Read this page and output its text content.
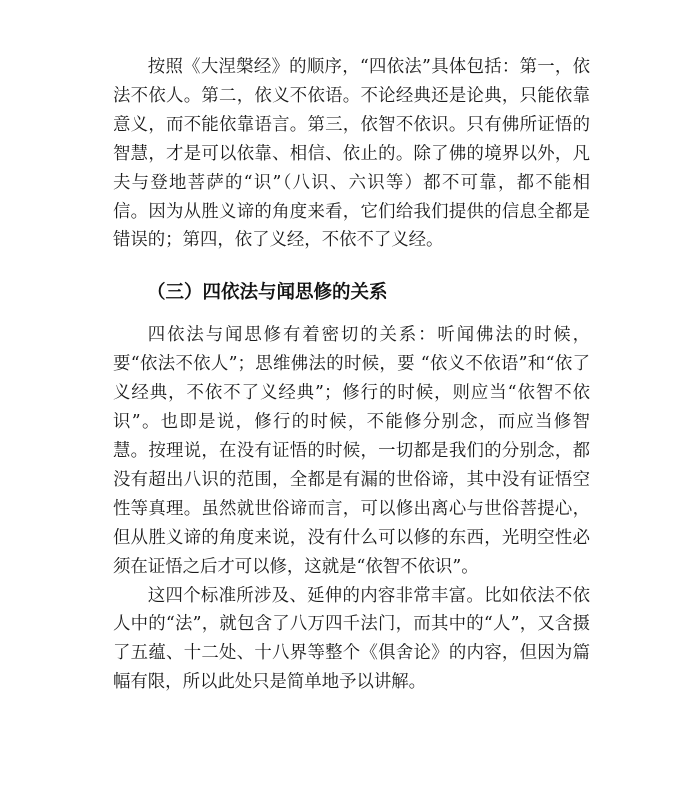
按照《大涅槃经》的顺序，“四依法”具体包括：第一，依法不依人。第二，依义不依语。不论经典还是论典，只能依靠意义，而不能依靠语言。第三，依智不依识。只有佛所证悟的智慧，才是可以依靠、相信、依止的。除了佛的境界以外，凡夫与登地菩萨的“识”（八识、六识等）都不可靠，都不能相信。因为从胜义谛的角度来看，它们给我们提供的信息全都是错误的；第四，依了义经，不依不了义经。

（三）四依法与闻思修的关系

四依法与闻思修有着密切的关系：听闻佛法的时候，要“依法不依人”；思维佛法的时候，要 “依义不依语”和“依了义经典，不依不了义经典”；修行的时候，则应当“依智不依识”。也即是说，修行的时候，不能修分别念，而应当修智慧。按理说，在没有证悟的时候，一切都是我们的分别念，都没有超出八识的范围，全都是有漏的世俗谛，其中没有证悟空性等真理。虽然就世俗谛而言，可以修出离心与世俗菩提心，但从胜义谛的角度来说，没有什么可以修的东西，光明空性必须在证悟之后才可以修，这就是“依智不依识”。

这四个标准所涉及、延伸的内容非常丰富。比如依法不依人中的“法”，就包含了八万四千法门，而其中的“人”，又含摄了五蕴、十二处、十八界等整个《俱舍论》的内容，但因为篇幅有限，所以此处只是简单地予以讲解。
